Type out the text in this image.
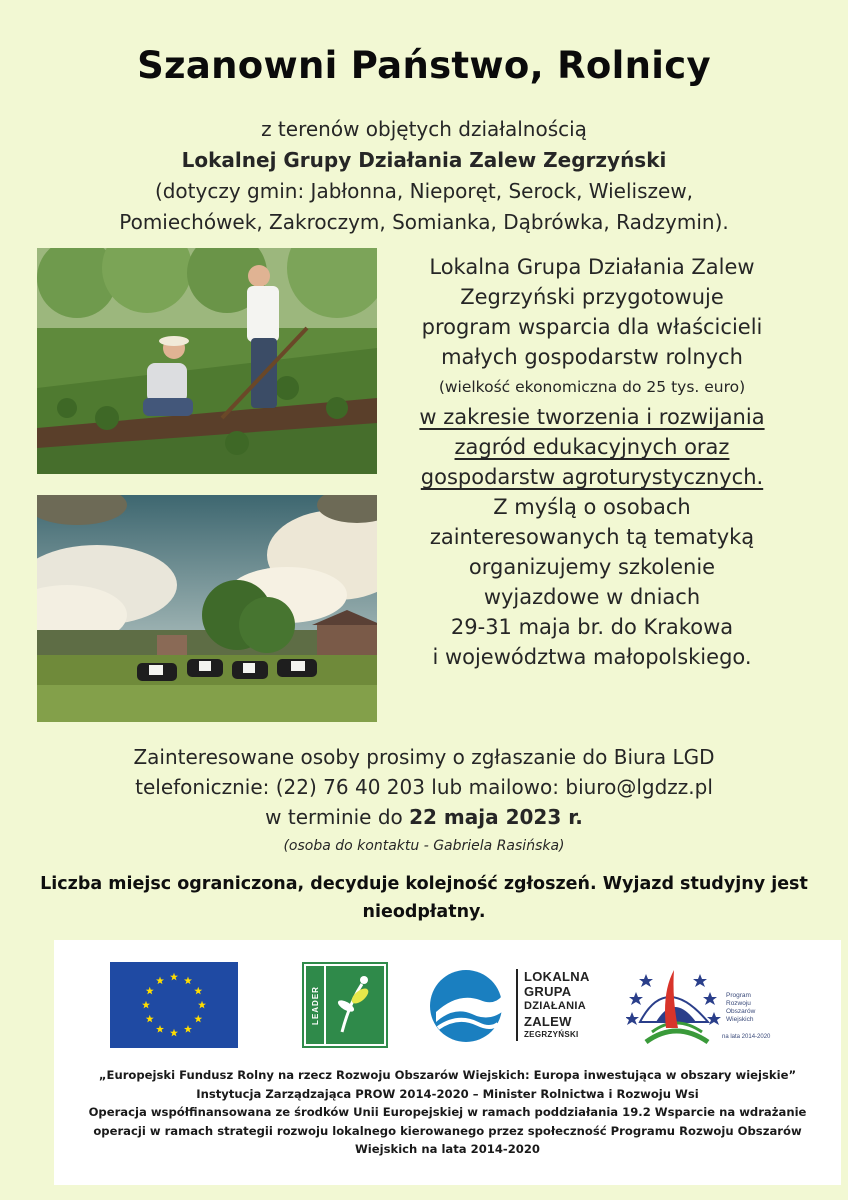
Szanowni Państwo, Rolnicy
z terenów objętych działalnością
Lokalnej Grupy Działania Zalew Zegrzyński
(dotyczy gmin: Jabłonna, Nieporęt, Serock, Wieliszew,
Pomiechówek, Zakroczym, Somianka, Dąbrówka, Radzymin).
Lokalna Grupa Działania Zalew
Zegrzyński przygotowuje
program wsparcia dla właścicieli
małych gospodarstw rolnych
(wielkość ekonomiczna do 25 tys. euro)
w zakresie tworzenia i rozwijania
zagród edukacyjnych oraz
gospodarstw agroturystycznych.
Z myślą o osobach
zainteresowanych tą tematyką
organizujemy szkolenie
wyjazdowe w dniach
29-31 maja br. do Krakowa
i województwa małopolskiego.
Zainteresowane osoby prosimy o zgłaszanie do Biura LGD
telefonicznie: (22) 76 40 203 lub mailowo: biuro@lgdzz.pl
w terminie do 22 maja 2023 r.
(osoba do kontaktu - Gabriela Rasińska)
Liczba miejsc ograniczona, decyduje kolejność zgłoszeń. Wyjazd studyjny jest nieodpłatny.
LEADER
LOKALNA
GRUPA
DZIAŁANIA
ZALEW
ZEGRZYŃSKI
Program
Rozwoju
Obszarów
Wiejskich
na lata 2014-2020
„Europejski Fundusz Rolny na rzecz Rozwoju Obszarów Wiejskich: Europa inwestująca w obszary wiejskie”
Instytucja Zarządzająca PROW 2014-2020 – Minister Rolnictwa i Rozwoju Wsi
Operacja współfinansowana ze środków Unii Europejskiej w ramach poddziałania 19.2 Wsparcie na wdrażanie
operacji w ramach strategii rozwoju lokalnego kierowanego przez społeczność Programu Rozwoju Obszarów
Wiejskich na lata 2014-2020
